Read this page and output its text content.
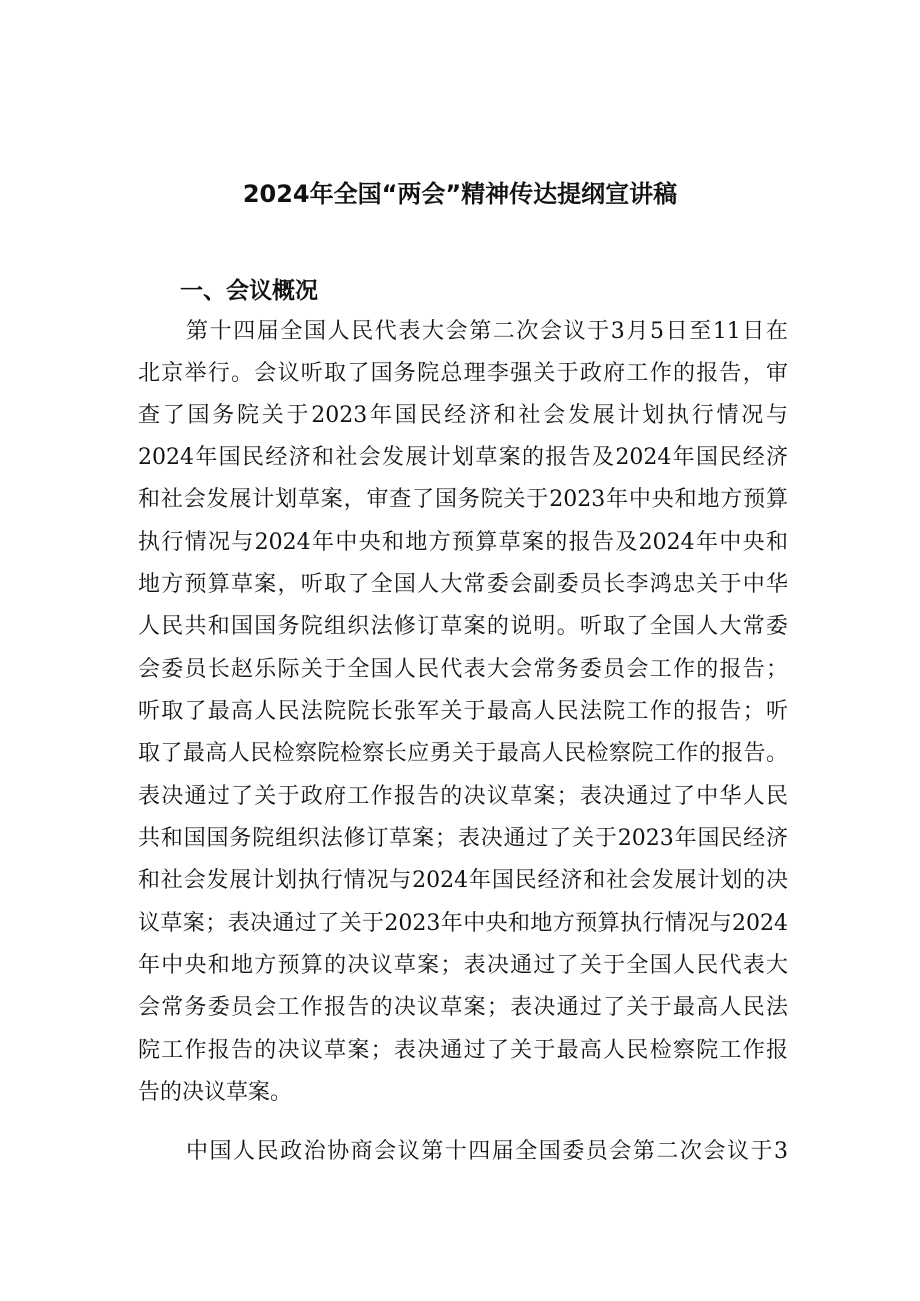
2024年全国“两会”精神传达提纲宣讲稿
一、会议概况
第十四届全国人民代表大会第二次会议于3月5日至11日在
北京举行。会议听取了国务院总理李强关于政府工作的报告，审
查了国务院关于2023年国民经济和社会发展计划执行情况与
2024年国民经济和社会发展计划草案的报告及2024年国民经济
和社会发展计划草案，审查了国务院关于2023年中央和地方预算
执行情况与2024年中央和地方预算草案的报告及2024年中央和
地方预算草案，听取了全国人大常委会副委员长李鸿忠关于中华
人民共和国国务院组织法修订草案的说明。听取了全国人大常委
会委员长赵乐际关于全国人民代表大会常务委员会工作的报告；
听取了最高人民法院院长张军关于最高人民法院工作的报告；听
取了最高人民检察院检察长应勇关于最高人民检察院工作的报告。
表决通过了关于政府工作报告的决议草案；表决通过了中华人民
共和国国务院组织法修订草案；表决通过了关于2023年国民经济
和社会发展计划执行情况与2024年国民经济和社会发展计划的决
议草案；表决通过了关于2023年中央和地方预算执行情况与2024
年中央和地方预算的决议草案；表决通过了关于全国人民代表大
会常务委员会工作报告的决议草案；表决通过了关于最高人民法
院工作报告的决议草案；表决通过了关于最高人民检察院工作报
告的决议草案。
中国人民政治协商会议第十四届全国委员会第二次会议于3
